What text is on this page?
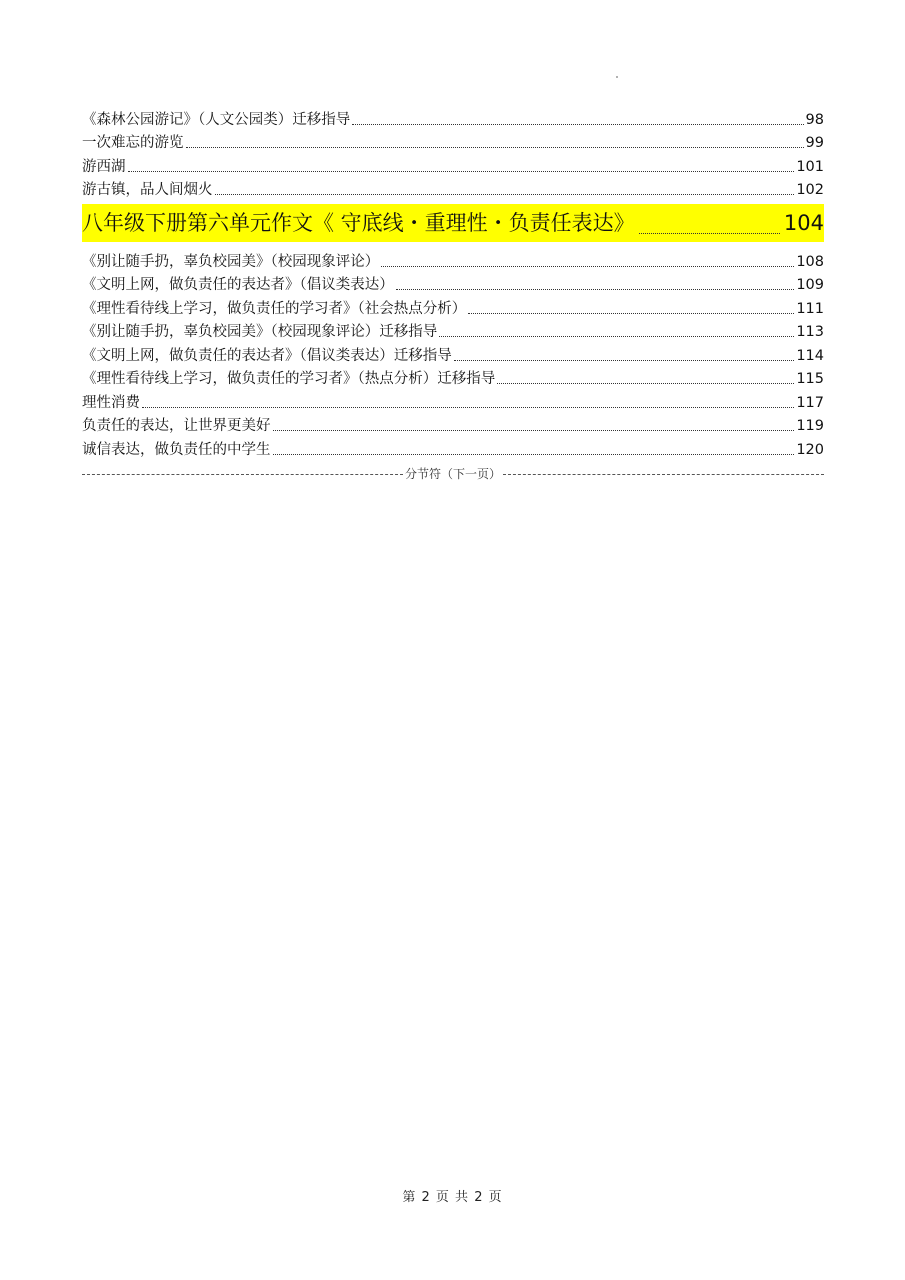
《森林公园游记》（人文公园类）迁移指导	98
一次难忘的游览	99
游西湖	101
游古镇，品人间烟火	102
八年级下册第六单元作文《 守底线・重理性・负责任表达》	104
《别让随手扔，辜负校园美》（校园现象评论）	108
《文明上网，做负责任的表达者》（倡议类表达）	109
《理性看待线上学习，做负责任的学习者》（社会热点分析）	111
《别让随手扔，辜负校园美》（校园现象评论）迁移指导	113
《文明上网，做负责任的表达者》（倡议类表达）迁移指导	114
《理性看待线上学习，做负责任的学习者》（热点分析）迁移指导	115
理性消费	117
负责任的表达，让世界更美好	119
诚信表达，做负责任的中学生	120
分节符（下一页）
第 2 页 共 2 页
